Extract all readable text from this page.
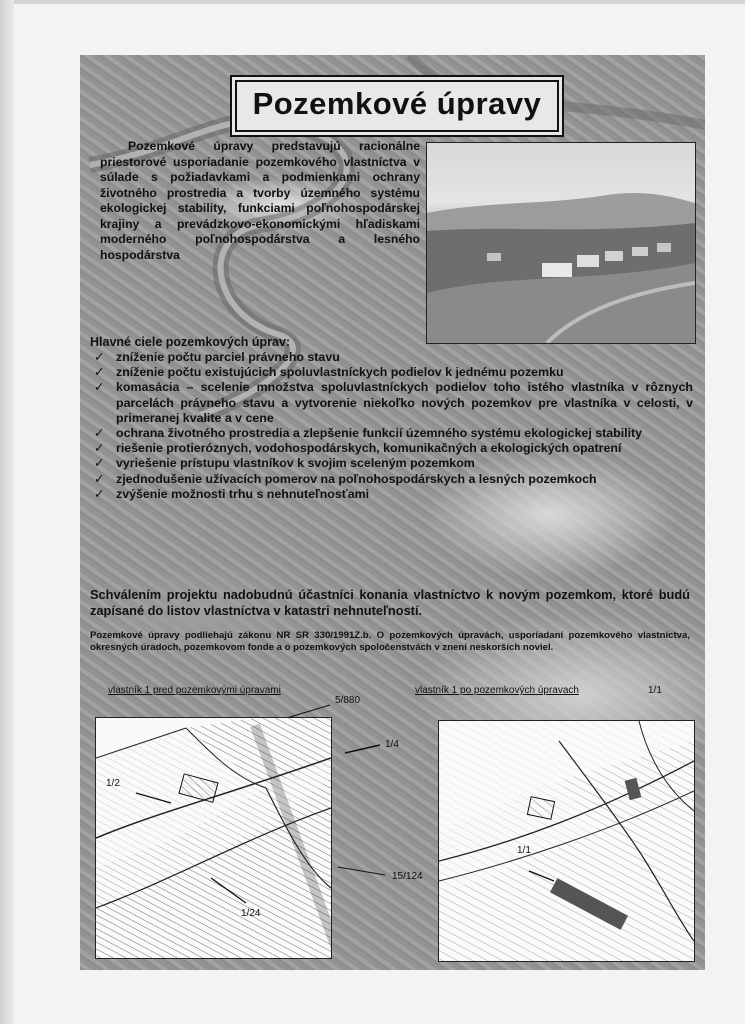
Pozemkové úpravy

Pozemkové úpravy predstavujú racionálne priestorové usporiadanie pozemkového vlastníctva v súlade s požiadavkami a podmienkami ochrany životného prostredia a tvorby územného systému ekologickej stability, funkciami poľnohospodárskej krajiny a prevádzkovo-ekonomickými hľadiskami moderného poľnohospodárstva a lesného hospodárstva

Hlavné ciele pozemkových úprav:

✓ zníženie počtu parciel právneho stavu
✓ zníženie počtu existujúcich spoluvlastníckych podielov k jednému pozemku
✓ komasácia – scelenie množstva spoluvlastníckych podielov toho istého vlastníka v rôznych parcelách právneho stavu a vytvorenie niekoľko nových pozemkov pre vlastníka v celosti, v primeranej kvalite a v cene
✓ ochrana životného prostredia a zlepšenie funkcií územného systému ekologickej stability
✓ riešenie protieróznych, vodohospodárskych, komunikačných a ekologických opatrení
✓ vyriešenie prístupu vlastníkov k svojim sceleným pozemkom
✓ zjednodušenie užívacích pomerov na poľnohospodárskych a lesných pozemkoch
✓ zvýšenie možnosti trhu s nehnuteľnosťami

Schválením projektu nadobudnú účastníci konania vlastníctvo k novým pozemkom, ktoré budú zapísané do listov vlastníctva v katastri nehnuteľností.

Pozemkové úpravy podliehajú zákonu NR SR 330/1991Z.b. O pozemkových úpravách, usporiadaní pozemkového vlastníctva, okresných úradoch, pozemkovom fonde a o pozemkových spoločenstvách v znení neskorších noviel.

vlastník 1 pred pozemkovými úpravami	vlastník 1 po pozemkových úpravach	1/1
5/880
1/4
15/124
1/2
1/24
1/1
